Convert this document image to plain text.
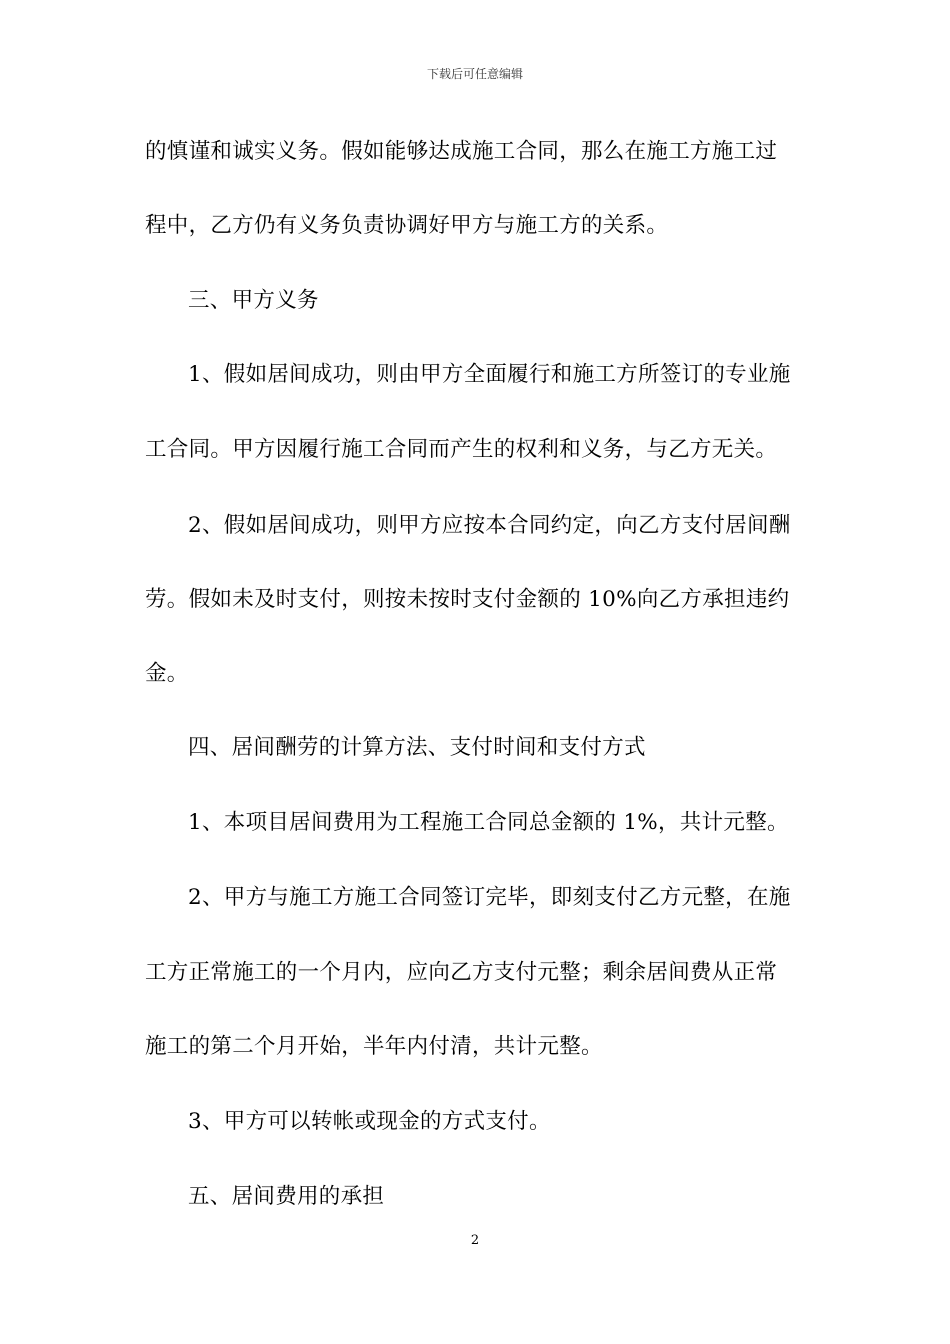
下载后可任意编辑
的慎谨和诚实义务。假如能够达成施工合同，那么在施工方施工过
程中，乙方仍有义务负责协调好甲方与施工方的关系。
三、甲方义务
1、假如居间成功，则由甲方全面履行和施工方所签订的专业施
工合同。甲方因履行施工合同而产生的权利和义务，与乙方无关。
2、假如居间成功，则甲方应按本合同约定，向乙方支付居间酬
劳。假如未及时支付，则按未按时支付金额的 10%向乙方承担违约
金。
四、居间酬劳的计算方法、支付时间和支付方式
1、本项目居间费用为工程施工合同总金额的 1%，共计元整。
2、甲方与施工方施工合同签订完毕，即刻支付乙方元整，在施
工方正常施工的一个月内，应向乙方支付元整；剩余居间费从正常
施工的第二个月开始，半年内付清，共计元整。
3、甲方可以转帐或现金的方式支付。
五、居间费用的承担
2
